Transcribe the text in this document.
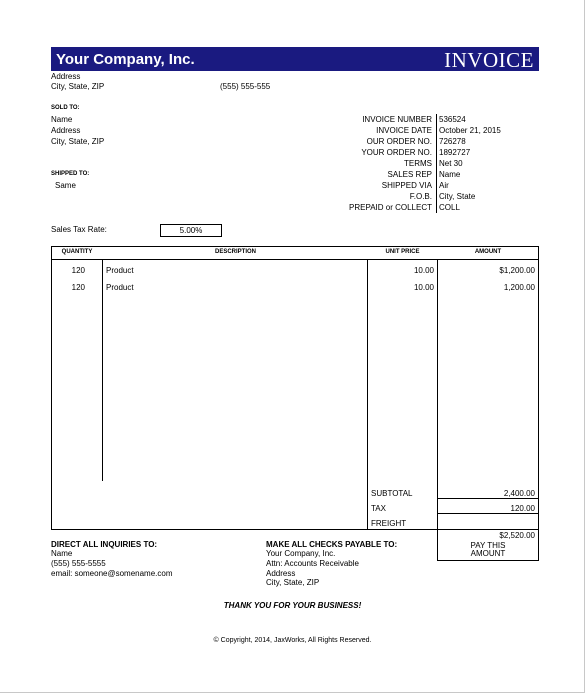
Your Company, Inc.	INVOICE
Address
City, State, ZIP	(555) 555-555
SOLD TO:
Name
Address
City, State, ZIP
SHIPPED TO:
Same
INVOICE NUMBER 536524
INVOICE DATE October 21, 2015
OUR ORDER NO. 726278
YOUR ORDER NO. 1892727
TERMS Net 30
SALES REP Name
SHIPPED VIA Air
F.O.B. City, State
PREPAID or COLLECT COLL
Sales Tax Rate:	5.00%
QUANTITY	DESCRIPTION	UNIT PRICE	AMOUNT
120	Product	10.00	$1,200.00
120	Product	10.00	1,200.00
SUBTOTAL	2,400.00
TAX	120.00
FREIGHT
$2,520.00
PAY THIS
AMOUNT
DIRECT ALL INQUIRIES TO:
Name
(555) 555-5555
email: someone@somename.com
MAKE ALL CHECKS PAYABLE TO:
Your Company, Inc.
Attn: Accounts Receivable
Address
City, State, ZIP
THANK YOU FOR YOUR BUSINESS!
© Copyright, 2014, JaxWorks, All Rights Reserved.
